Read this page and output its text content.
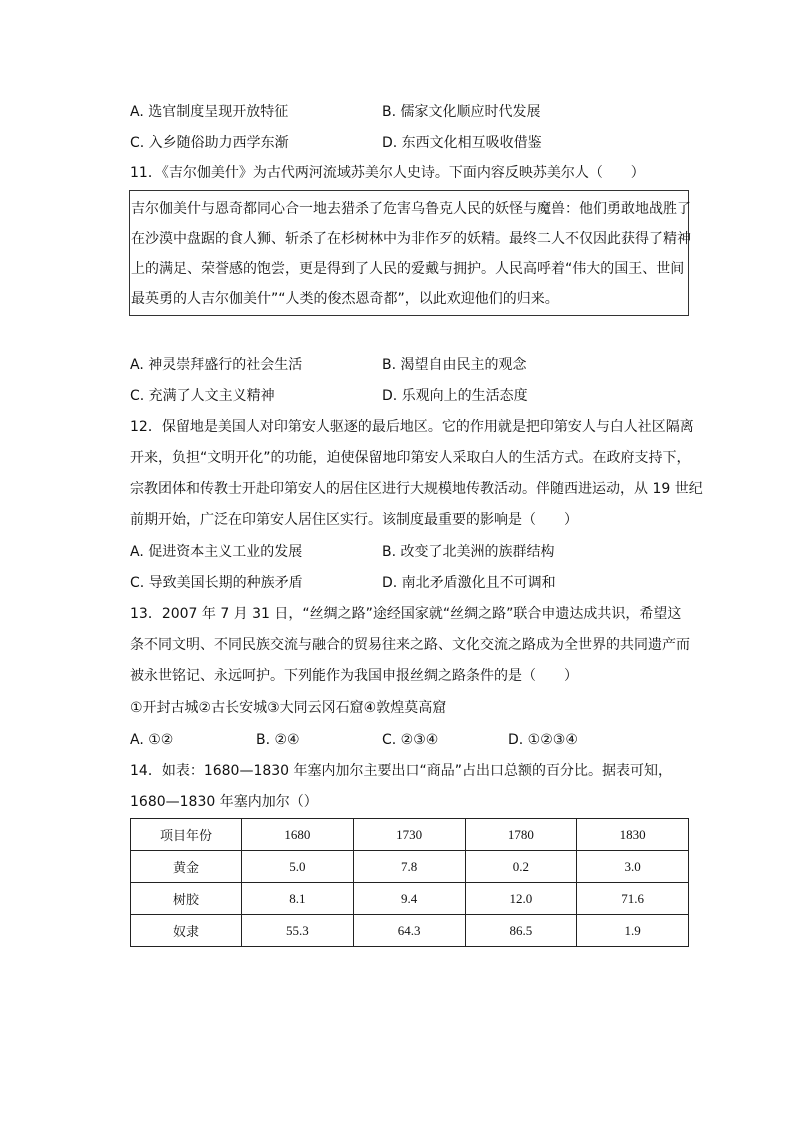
A. 选官制度呈现开放特征	B. 儒家文化顺应时代发展
C. 入乡随俗助力西学东渐	D. 东西文化相互吸收借鉴
11．《吉尔伽美什》为古代两河流域苏美尔人史诗。下面内容反映苏美尔人（　　）
吉尔伽美什与恩奇都同心合一地去猎杀了危害乌鲁克人民的妖怪与魔兽：他们勇敢地战胜了
在沙漠中盘踞的食人狮、斩杀了在杉树林中为非作歹的妖精。最终二人不仅因此获得了精神
上的满足、荣誉感的饱尝，更是得到了人民的爱戴与拥护。人民高呼着“伟大的国王、世间
最英勇的人吉尔伽美什”“人类的俊杰恩奇都”，以此欢迎他们的归来。
A. 神灵崇拜盛行的社会生活	B. 渴望自由民主的观念
C. 充满了人文主义精神	D. 乐观向上的生活态度
12．保留地是美国人对印第安人驱逐的最后地区。它的作用就是把印第安人与白人社区隔离
开来，负担“文明开化”的功能，迫使保留地印第安人采取白人的生活方式。在政府支持下，
宗教团体和传教士开赴印第安人的居住区进行大规模地传教活动。伴随西进运动，从 19 世纪
前期开始，广泛在印第安人居住区实行。该制度最重要的影响是（　　）
A. 促进资本主义工业的发展	B. 改变了北美洲的族群结构
C. 导致美国长期的种族矛盾	D. 南北矛盾激化且不可调和
13．2007 年 7 月 31 日，“丝绸之路”途经国家就“丝绸之路”联合申遗达成共识，希望这
条不同文明、不同民族交流与融合的贸易往来之路、文化交流之路成为全世界的共同遗产而
被永世铭记、永远呵护。下列能作为我国申报丝绸之路条件的是（　　）
①开封古城②古长安城③大同云冈石窟④敦煌莫高窟
A. ①②	B. ②④	C. ②③④	D. ①②③④
14．如表：1680—1830 年塞内加尔主要出口“商品”占出口总额的百分比。据表可知，
1680—1830 年塞内加尔（）
项目年份	1680	1730	1780	1830
黄金	5.0	7.8	0.2	3.0
树胶	8.1	9.4	12.0	71.6
奴隶	55.3	64.3	86.5	1.9
